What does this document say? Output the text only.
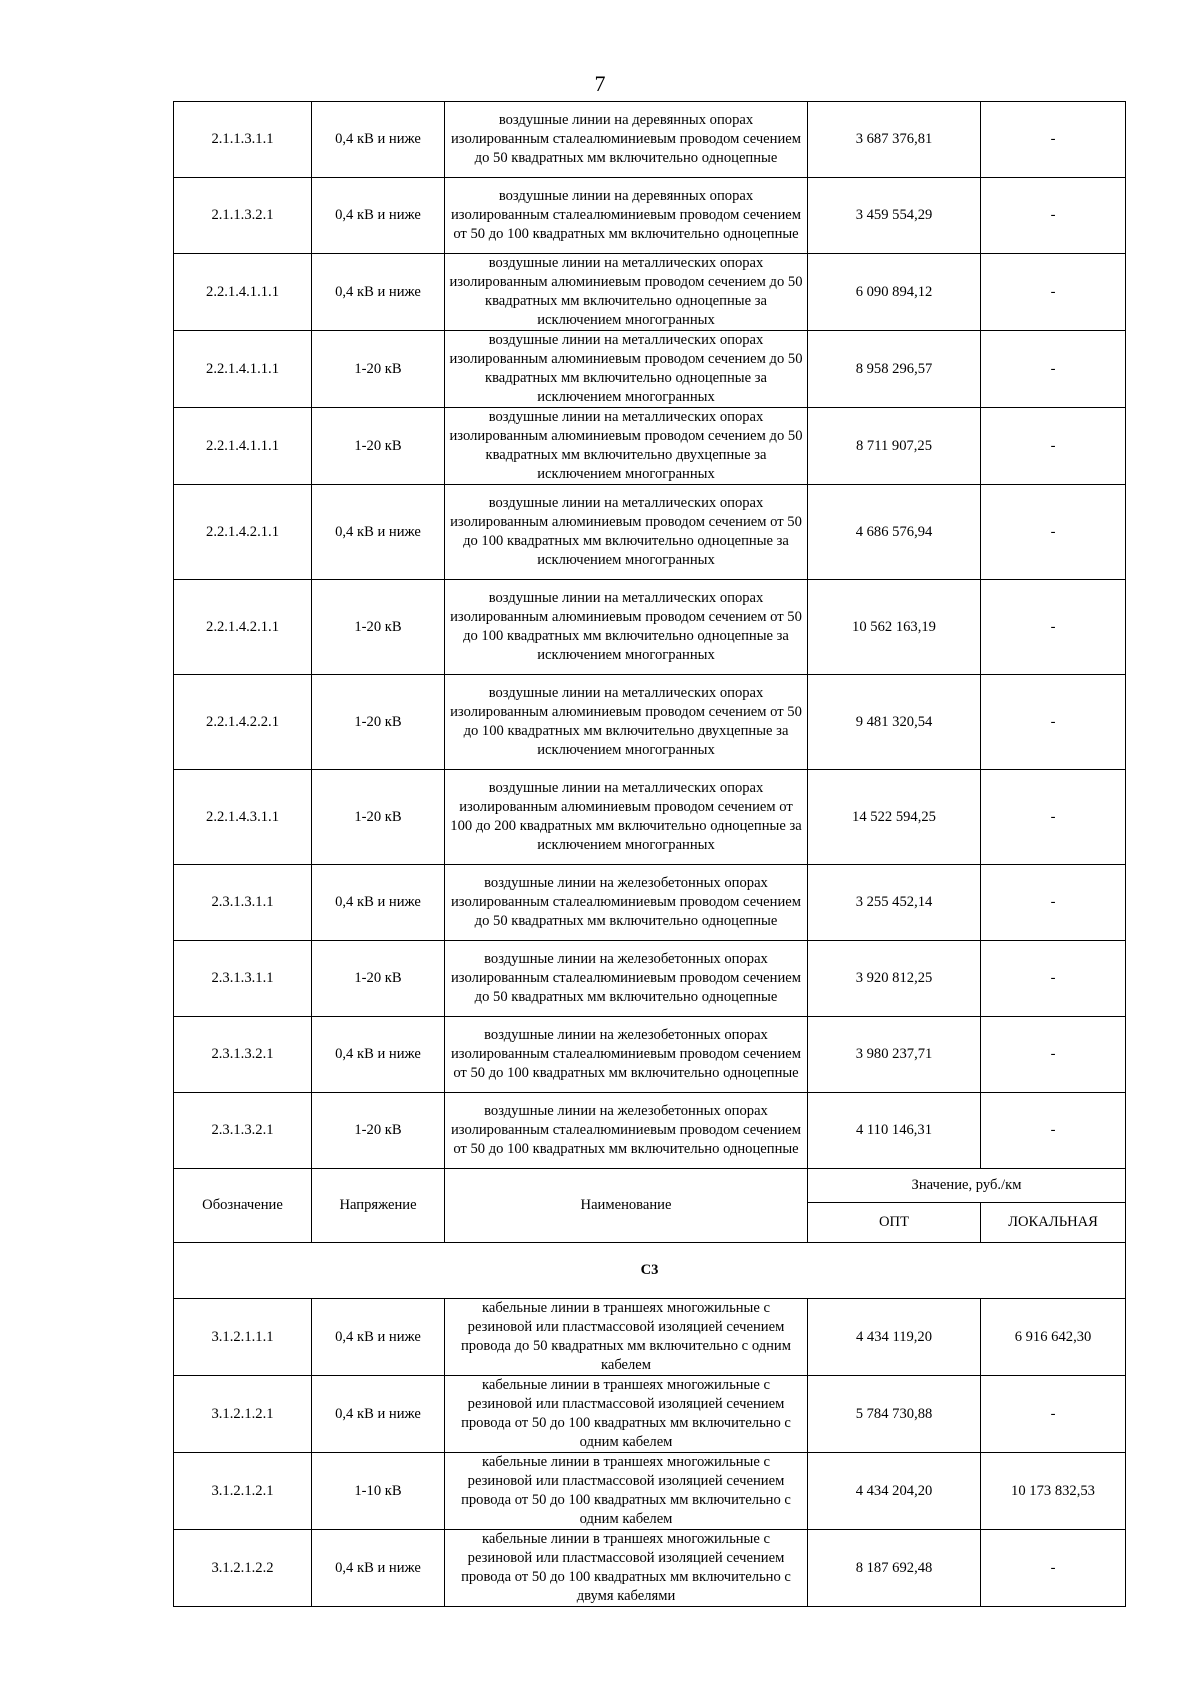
7
2.1.1.3.1.1	0,4 кВ и ниже	воздушные линии на деревянных опорах изолированным сталеалюминиевым проводом сечением до 50 квадратных мм включительно одноцепные	3 687 376,81	-
2.1.1.3.2.1	0,4 кВ и ниже	воздушные линии на деревянных опорах изолированным сталеалюминиевым проводом сечением от 50 до 100 квадратных мм включительно одноцепные	3 459 554,29	-
2.2.1.4.1.1.1	0,4 кВ и ниже	воздушные линии на металлических опорах изолированным алюминиевым проводом сечением до 50 квадратных мм включительно одноцепные за исключением многогранных	6 090 894,12	-
2.2.1.4.1.1.1	1-20 кВ	воздушные линии на металлических опорах изолированным алюминиевым проводом сечением до 50 квадратных мм включительно одноцепные за исключением многогранных	8 958 296,57	-
2.2.1.4.1.1.1	1-20 кВ	воздушные линии на металлических опорах изолированным алюминиевым проводом сечением до 50 квадратных мм включительно двухцепные за исключением многогранных	8 711 907,25	-
2.2.1.4.2.1.1	0,4 кВ и ниже	воздушные линии на металлических опорах изолированным алюминиевым проводом сечением от 50 до 100 квадратных мм включительно одноцепные за исключением многогранных	4 686 576,94	-
2.2.1.4.2.1.1	1-20 кВ	воздушные линии на металлических опорах изолированным алюминиевым проводом сечением от 50 до 100 квадратных мм включительно одноцепные за исключением многогранных	10 562 163,19	-
2.2.1.4.2.2.1	1-20 кВ	воздушные линии на металлических опорах изолированным алюминиевым проводом сечением от 50 до 100 квадратных мм включительно двухцепные за исключением многогранных	9 481 320,54	-
2.2.1.4.3.1.1	1-20 кВ	воздушные линии на металлических опорах изолированным алюминиевым проводом сечением от 100 до 200 квадратных мм включительно одноцепные за исключением многогранных	14 522 594,25	-
2.3.1.3.1.1	0,4 кВ и ниже	воздушные линии на железобетонных опорах изолированным сталеалюминиевым проводом сечением до 50 квадратных мм включительно одноцепные	3 255 452,14	-
2.3.1.3.1.1	1-20 кВ	воздушные линии на железобетонных опорах изолированным сталеалюминиевым проводом сечением до 50 квадратных мм включительно одноцепные	3 920 812,25	-
2.3.1.3.2.1	0,4 кВ и ниже	воздушные линии на железобетонных опорах изолированным сталеалюминиевым проводом сечением от 50 до 100 квадратных мм включительно одноцепные	3 980 237,71	-
2.3.1.3.2.1	1-20 кВ	воздушные линии на железобетонных опорах изолированным сталеалюминиевым проводом сечением от 50 до 100 квадратных мм включительно одноцепные	4 110 146,31	-
Обозначение	Напряжение	Наименование	Значение, руб./км	
			ОПТ	ЛОКАЛЬНАЯ
С3				
3.1.2.1.1.1	0,4 кВ и ниже	кабельные линии в траншеях многожильные с резиновой или пластмассовой изоляцией сечением провода до 50 квадратных мм включительно с одним кабелем	4 434 119,20	6 916 642,30
3.1.2.1.2.1	0,4 кВ и ниже	кабельные линии в траншеях многожильные с резиновой или пластмассовой изоляцией сечением провода от 50 до 100 квадратных мм включительно с одним кабелем	5 784 730,88	-
3.1.2.1.2.1	1-10 кВ	кабельные линии в траншеях многожильные с резиновой или пластмассовой изоляцией сечением провода от 50 до 100 квадратных мм включительно с одним кабелем	4 434 204,20	10 173 832,53
3.1.2.1.2.2	0,4 кВ и ниже	кабельные линии в траншеях многожильные с резиновой или пластмассовой изоляцией сечением провода от 50 до 100 квадратных мм включительно с двумя кабелями	8 187 692,48	-
